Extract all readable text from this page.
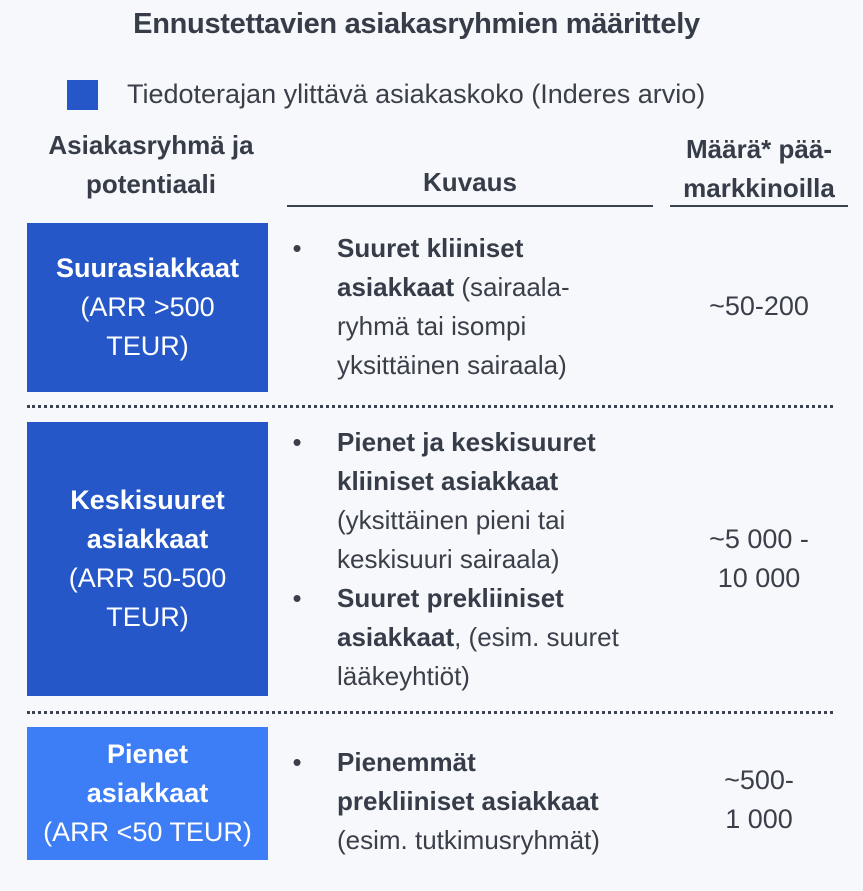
Ennustettavien asiakasryhmien määrittely
Tiedoterajan ylittävä asiakaskoko (Inderes arvio)
Asiakasryhmä ja
potentiaali	Kuvaus
Määrä* pää-
markkinoilla
Suurasiakkaat
(ARR >500
TEUR)
• Suuret kliiniset
asiakkaat (sairaala-
ryhmä tai isompi
yksittäinen sairaala)
~50-200
Keskisuuret
asiakkaat
(ARR 50-500
TEUR)
• Pienet ja keskisuuret
kliiniset asiakkaat
(yksittäinen pieni tai
keskisuuri sairaala)
• Suuret prekliiniset
asiakkaat, (esim. suuret
lääkeyhtiöt)
~5 000 -
10 000
Pienet
asiakkaat
(ARR <50 TEUR)
• Pienemmät
prekliiniset asiakkaat
(esim. tutkimusryhmät)
~500-
1 000
